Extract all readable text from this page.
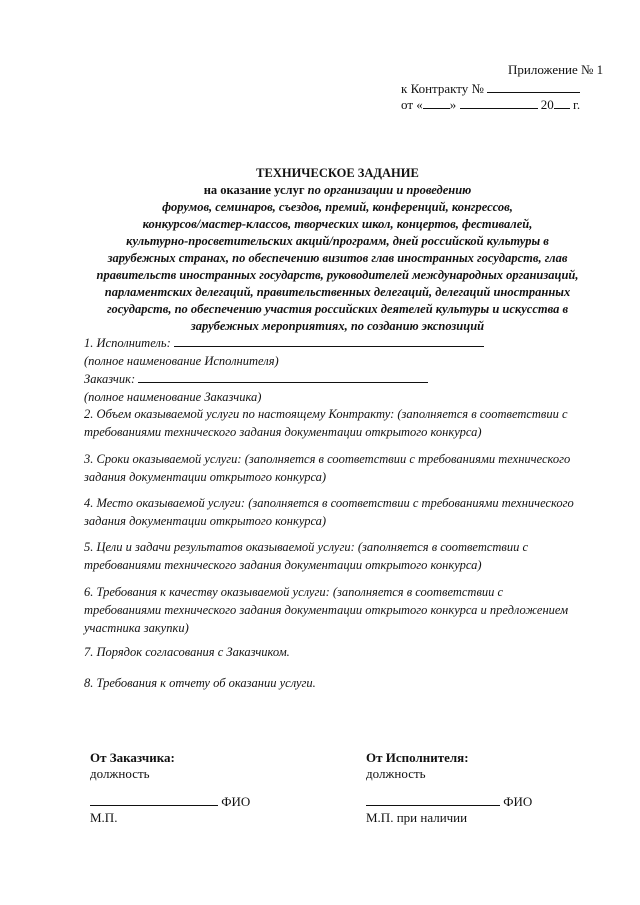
Приложение № 1
к Контракту №
от « »	20 г.
ТЕХНИЧЕСКОЕ ЗАДАНИЕ
на оказание услуг по организации и проведению
форумов, семинаров, съездов, премий, конференций, конгрессов,
конкурсов/мастер-классов, творческих школ, концертов, фестивалей,
культурно-просветительских акций/программ, дней российской культуры в
зарубежных странах, по обеспечению визитов глав иностранных государств, глав
правительств иностранных государств, руководителей международных организаций,
парламентских делегаций, правительственных делегаций, делегаций иностранных
государств, по обеспечению участия российских деятелей культуры и искусства в
зарубежных мероприятиях, по созданию экспозиций
1. Исполнитель:
(полное наименование Исполнителя)
Заказчик:
(полное наименование Заказчика)
2. Объем оказываемой услуги по настоящему Контракту: (заполняется в соответствии с
требованиями технического задания документации открытого конкурса)
3. Сроки оказываемой услуги: (заполняется в соответствии с требованиями технического
задания документации открытого конкурса)
4. Место оказываемой услуги: (заполняется в соответствии с требованиями технического
задания документации открытого конкурса)
5. Цели и задачи результатов оказываемой услуги: (заполняется в соответствии с
требованиями технического задания документации открытого конкурса)
6. Требования к качеству оказываемой услуги: (заполняется в соответствии с
требованиями технического задания документации открытого конкурса и предложением
участника закупки)
7. Порядок согласования с Заказчиком.
8. Требования к отчету об оказании услуги.
От Заказчика:
должность
ФИО
М.П.
От Исполнителя:
должность
ФИО
М.П. при наличии
